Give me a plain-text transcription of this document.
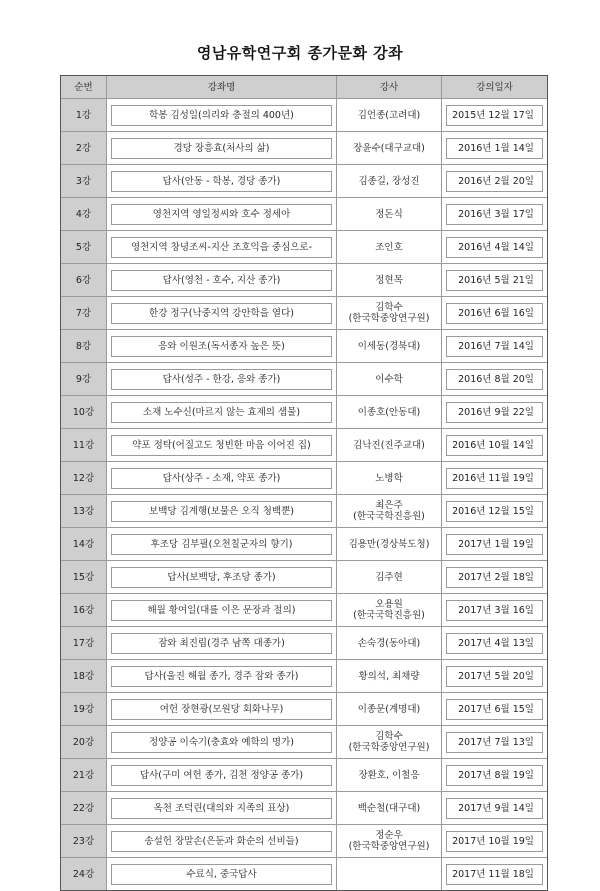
영남유학연구회 종가문화 강좌
순번	강좌명	강사	강의일자
1강	학봉 김성일(의리와 충절의 400년)	김언종(고려대)	2015년 12월 17일

2강	경당 장흥효(처사의 삶)	장윤수(대구교대)	2016년 1월 14일

3강	답사(안동 - 학봉, 경당 종가)	김종길, 장성진	2016년 2월 20일

4강	영천지역 영일정씨와 호수 정세아	정돈식	2016년 3월 17일

5강	영천지역 창녕조씨-지산 조호익을 중심으로-	조인호	2016년 4월 14일

6강	답사(영천 - 호수, 지산 종가)	정현목	2016년 5월 21일

7강	한강 정구(낙중지역 강안학을 열다)	김학수
(한국학중앙연구원)	2016년 6월 16일

8강	응와 이원조(독서종자 높은 뜻)	이세동(경북대)	2016년 7월 14일

9강	답사(성주 - 한강, 응와 종가)	이수학	2016년 8월 20일

10강	소재 노수신(마르지 않는 효제의 샘물)	이종호(안동대)	2016년 9월 22일

11강	약포 정탁(어질고도 청빈한 마음 이어진 집)	김낙진(진주교대)	2016년 10월 14일

12강	답사(상주 - 소재, 약포 종가)	노병학	2016년 11월 19일

13강	보백당 김계행(보물은 오직 청백뿐)	최은주
(한국국학진흥원)	2016년 12월 15일

14강	후조당 김부필(오천칠군자의 향기)	김용만(경상북도청)	2017년 1월 19일

15강	답사(보백당, 후조당 종가)	김주현	2017년 2월 18일

16강	해월 황여일(대를 이은 문장과 절의)	오용원
(한국국학진흥원)	2017년 3월 16일

17강	잠와 최진립(경주 남쪽 대종가)	손숙경(동아대)	2017년 4월 13일

18강	답사(울진 해월 종가, 경주 잠와 종가)	황의석, 최채량	2017년 5월 20일

19강	여헌 장현광(모원당 회화나무)	이종문(계명대)	2017년 6월 15일

20강	정양공 이숙기(충효와 예학의 명가)	김학수
(한국학중앙연구원)	2017년 7월 13일

21강	답사(구미 여헌 종가, 김천 정양공 종가)	장환호, 이철응	2017년 8월 19일

22강	옥천 조덕린(대의와 지족의 표상)	백순철(대구대)	2017년 9월 14일

23강	송설헌 장말손(은둔과 화순의 선비들)	정순우
(한국학중앙연구원)	2017년 10월 19일

24강	수료식, 중국답사		2017년 11월 18일
